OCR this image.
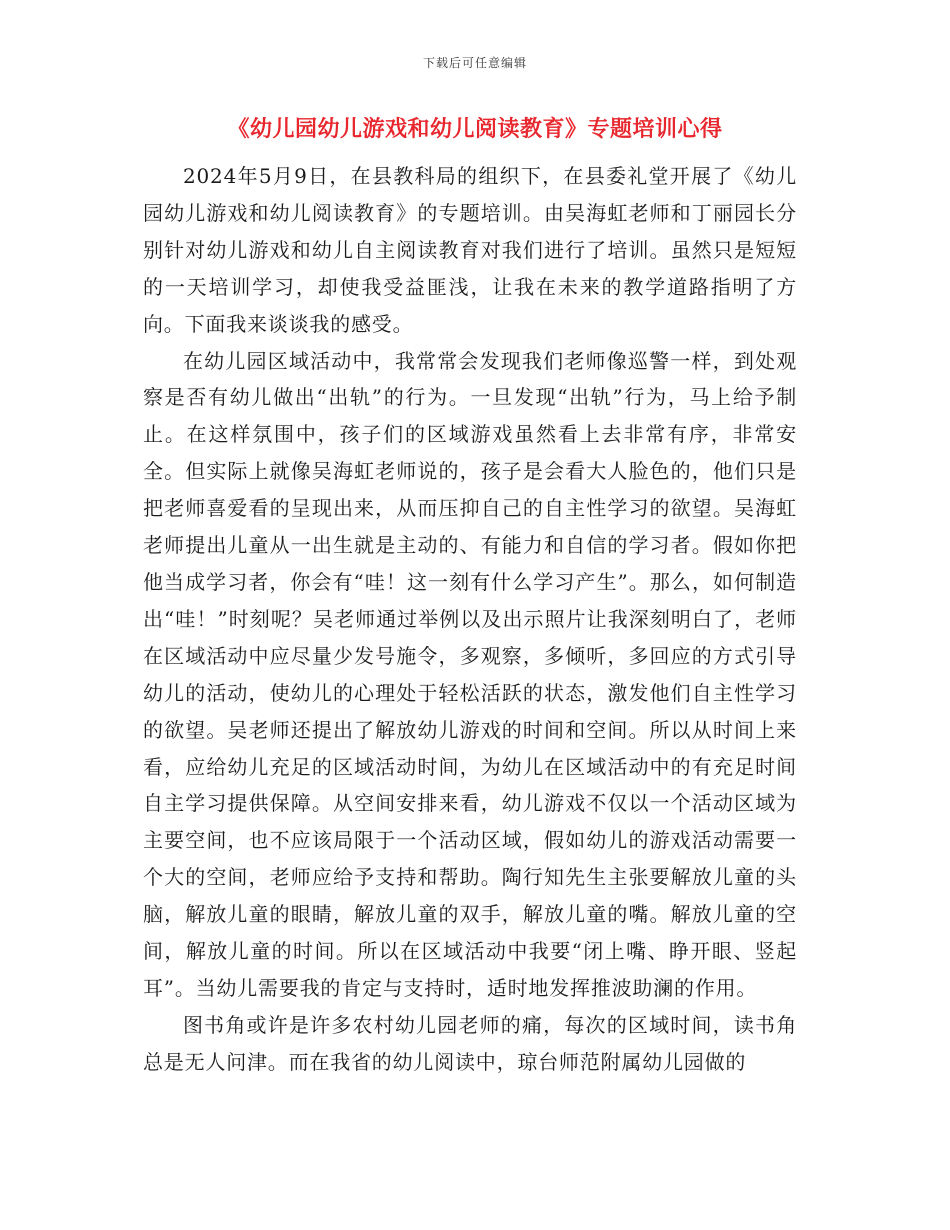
下载后可任意编辑
《幼儿园幼儿游戏和幼儿阅读教育》专题培训心得

2024年5月9日，在县教科局的组织下，在县委礼堂开展了《幼儿园幼儿游戏和幼儿阅读教育》的专题培训。由吴海虹老师和丁丽园长分别针对幼儿游戏和幼儿自主阅读教育对我们进行了培训。虽然只是短短的一天培训学习，却使我受益匪浅，让我在未来的教学道路指明了方向。下面我来谈谈我的感受。

在幼儿园区域活动中，我常常会发现我们老师像巡警一样，到处观察是否有幼儿做出“出轨”的行为。一旦发现“出轨”行为，马上给予制止。在这样氛围中，孩子们的区域游戏虽然看上去非常有序，非常安全。但实际上就像吴海虹老师说的，孩子是会看大人脸色的，他们只是把老师喜爱看的呈现出来，从而压抑自己的自主性学习的欲望。吴海虹老师提出儿童从一出生就是主动的、有能力和自信的学习者。假如你把他当成学习者，你会有“哇！这一刻有什么学习产生”。那么，如何制造出“哇！”时刻呢？吴老师通过举例以及出示照片让我深刻明白了，老师在区域活动中应尽量少发号施令，多观察，多倾听，多回应的方式引导幼儿的活动，使幼儿的心理处于轻松活跃的状态，激发他们自主性学习的欲望。吴老师还提出了解放幼儿游戏的时间和空间。所以从时间上来看，应给幼儿充足的区域活动时间，为幼儿在区域活动中的有充足时间自主学习提供保障。从空间安排来看，幼儿游戏不仅以一个活动区域为主要空间，也不应该局限于一个活动区域，假如幼儿的游戏活动需要一个大的空间，老师应给予支持和帮助。陶行知先生主张要解放儿童的头脑，解放儿童的眼睛，解放儿童的双手，解放儿童的嘴。解放儿童的空间，解放儿童的时间。所以在区域活动中我要“闭上嘴、睁开眼、竖起耳”。当幼儿需要我的肯定与支持时，适时地发挥推波助澜的作用。

图书角或许是许多农村幼儿园老师的痛，每次的区域时间，读书角总是无人问津。而在我省的幼儿阅读中，琼台师范附属幼儿园做的
